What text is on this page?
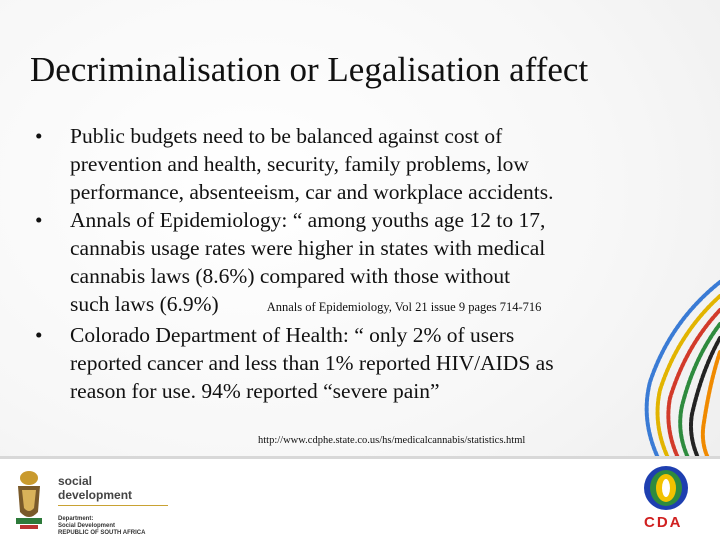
Decriminalisation or Legalisation affect
• Public budgets need to be balanced against cost of
prevention and health, security, family problems, low
performance, absenteeism, car and workplace accidents.
• Annals of Epidemiology: “ among youths age 12 to 17,
cannabis usage rates were higher in states with medical
cannabis laws (8.6%) compared with those without
such laws (6.9%)	Annals of Epidemiology, Vol 21 issue 9 pages 714-716
• Colorado Department of Health: “ only 2% of users
reported cancer and less than 1% reported HIV/AIDS as
reason for use. 94% reported “severe pain”
http://www.cdphe.state.co.us/hs/medicalcannabis/statistics.html
social development
Department:
Social Development
REPUBLIC OF SOUTH AFRICA
CDA
